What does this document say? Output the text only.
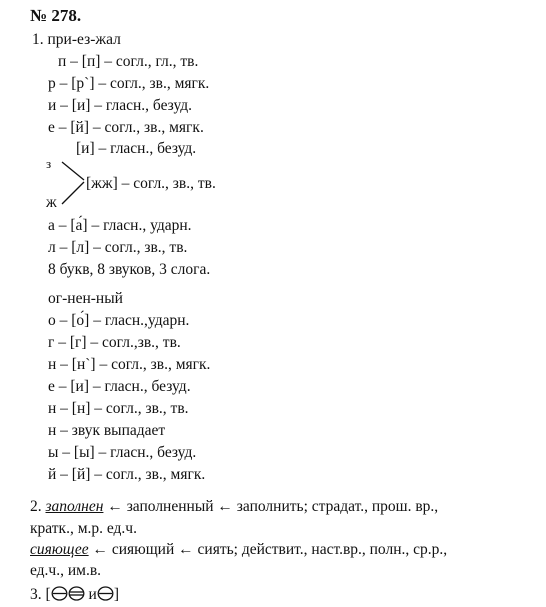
№ 278.
1. при-ез-жал
п – [п] – согл., гл., тв.
р – [р`] – согл., зв., мягк.
и – [и] – гласн., безуд.
е – [й] – согл., зв., мягк.
[и] – гласн., безуд.
з
[жж] – согл., зв., тв.
ж
а – [а́] – гласн., ударн.
л – [л] – согл., зв., тв.
8 букв, 8 звуков, 3 слога.
ог-нен-ный
о – [о́] – гласн.,ударн.
г – [г] – согл.,зв., тв.
н – [н`] – согл., зв., мягк.
е – [и] – гласн., безуд.
н – [н] – согл., зв., тв.
н – звук выпадает
ы – [ы] – гласн., безуд.
й – [й] – согл., зв., мягк.
2. заполнен ← заполненный ← заполнить; страдат., прош. вр.,
кратк., м.р. ед.ч.
сияющее ← сияющий ← сиять; действит., наст.вр., полн., ср.р.,
ед.ч., им.в.
3. [ и ]
